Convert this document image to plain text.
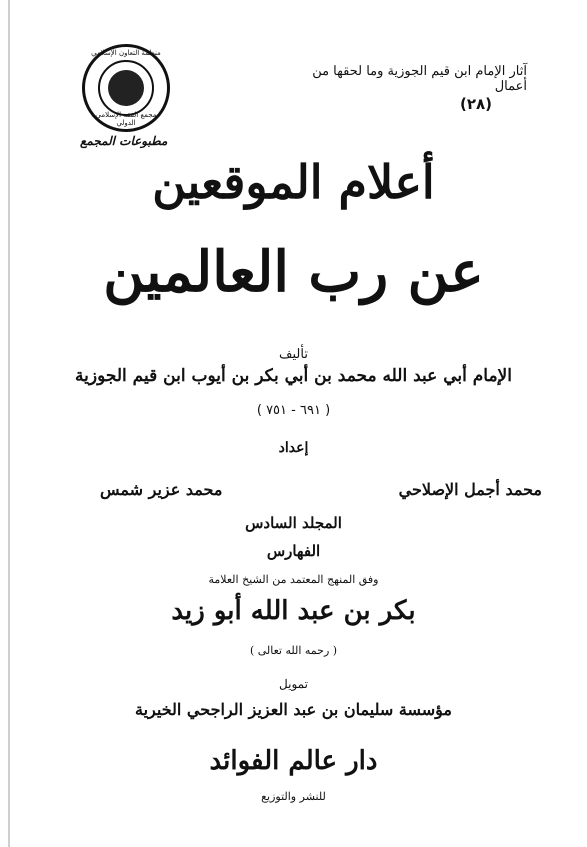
آثار الإمام ابن قيم الجوزية وما لحقها من أعمال
(٢٨)
منظمة التعاون الإسلامي
مجمع الفقه الإسلامي الدولي
مطبوعات المجمع
أعلام الموقعين
عن رب العالمين
تأليف
الإمام أبي عبد الله محمد بن أبي بكر بن أيوب ابن قيم الجوزية
( ٦٩١ - ٧٥١ )
إعداد
محمد أجمل الإصلاحي
محمد عزير شمس
المجلد السادس
الفهارس
وفق المنهج المعتمد من الشيخ العلامة
بكر بن عبد الله أبو زيد
( رحمه الله تعالى )
تمويل
مؤسسة سليمان بن عبد العزيز الراجحي الخيرية
دار عالم الفوائد
للنشر والتوزيع
